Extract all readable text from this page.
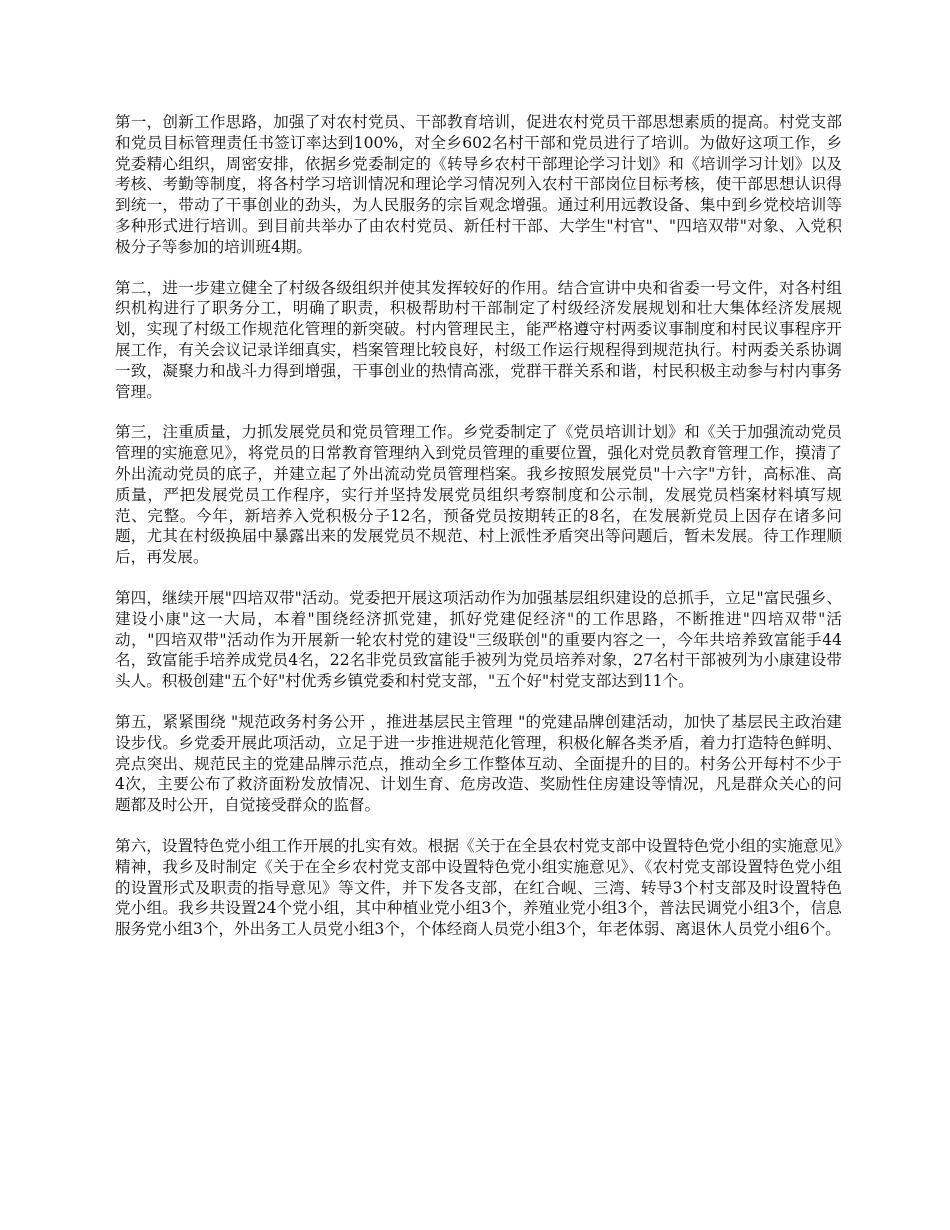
第一，创新工作思路，加强了对农村党员、干部教育培训，促进农村党员干部思想素质的提高。村党支部和党员目标管理责任书签订率达到100%，对全乡602名村干部和党员进行了培训。为做好这项工作，乡党委精心组织，周密安排，依据乡党委制定的《转导乡农村干部理论学习计划》和《培训学习计划》以及考核、考勤等制度，将各村学习培训情况和理论学习情况列入农村干部岗位目标考核，使干部思想认识得到统一，带动了干事创业的劲头，为人民服务的宗旨观念增强。通过利用远教设备、集中到乡党校培训等多种形式进行培训。到目前共举办了由农村党员、新任村干部、大学生"村官"、"四培双带"对象、入党积极分子等参加的培训班4期。

第二，进一步建立健全了村级各级组织并使其发挥较好的作用。结合宣讲中央和省委一号文件，对各村组织机构进行了职务分工，明确了职责，积极帮助村干部制定了村级经济发展规划和壮大集体经济发展规划，实现了村级工作规范化管理的新突破。村内管理民主，能严格遵守村两委议事制度和村民议事程序开展工作，有关会议记录详细真实，档案管理比较良好，村级工作运行规程得到规范执行。村两委关系协调一致，凝聚力和战斗力得到增强，干事创业的热情高涨，党群干群关系和谐，村民积极主动参与村内事务管理。

第三，注重质量，力抓发展党员和党员管理工作。乡党委制定了《党员培训计划》和《关于加强流动党员管理的实施意见》，将党员的日常教育管理纳入到党员管理的重要位置，强化对党员教育管理工作，摸清了外出流动党员的底子，并建立起了外出流动党员管理档案。我乡按照发展党员"十六字"方针，高标准、高质量，严把发展党员工作程序，实行并坚持发展党员组织考察制度和公示制，发展党员档案材料填写规范、完整。今年，新培养入党积极分子12名，预备党员按期转正的8名，在发展新党员上因存在诸多问题，尤其在村级换届中暴露出来的发展党员不规范、村上派性矛盾突出等问题后，暂未发展。待工作理顺后，再发展。

第四，继续开展"四培双带"活动。党委把开展这项活动作为加强基层组织建设的总抓手，立足"富民强乡、建设小康"这一大局，本着"围绕经济抓党建，抓好党建促经济"的工作思路，不断推进"四培双带"活动，"四培双带"活动作为开展新一轮农村党的建设"三级联创"的重要内容之一，今年共培养致富能手44名，致富能手培养成党员4名，22名非党员致富能手被列为党员培养对象，27名村干部被列为小康建设带头人。积极创建"五个好"村优秀乡镇党委和村党支部，"五个好"村党支部达到11个。

第五，紧紧围绕 "规范政务村务公开 ，推进基层民主管理 "的党建品牌创建活动，加快了基层民主政治建设步伐。乡党委开展此项活动，立足于进一步推进规范化管理，积极化解各类矛盾，着力打造特色鲜明、亮点突出、规范民主的党建品牌示范点，推动全乡工作整体互动、全面提升的目的。村务公开每村不少于4次，主要公布了救济面粉发放情况、计划生育、危房改造、奖励性住房建设等情况，凡是群众关心的问题都及时公开，自觉接受群众的监督。

第六，设置特色党小组工作开展的扎实有效。根据《关于在全县农村党支部中设置特色党小组的实施意见》精神，我乡及时制定《关于在全乡农村党支部中设置特色党小组实施意见》、《农村党支部设置特色党小组的设置形式及职责的指导意见》等文件，并下发各支部，在红合岘、三湾、转导3个村支部及时设置特色党小组。我乡共设置24个党小组，其中种植业党小组3个，养殖业党小组3个，普法民调党小组3个，信息服务党小组3个，外出务工人员党小组3个，个体经商人员党小组3个，年老体弱、离退休人员党小组6个。
